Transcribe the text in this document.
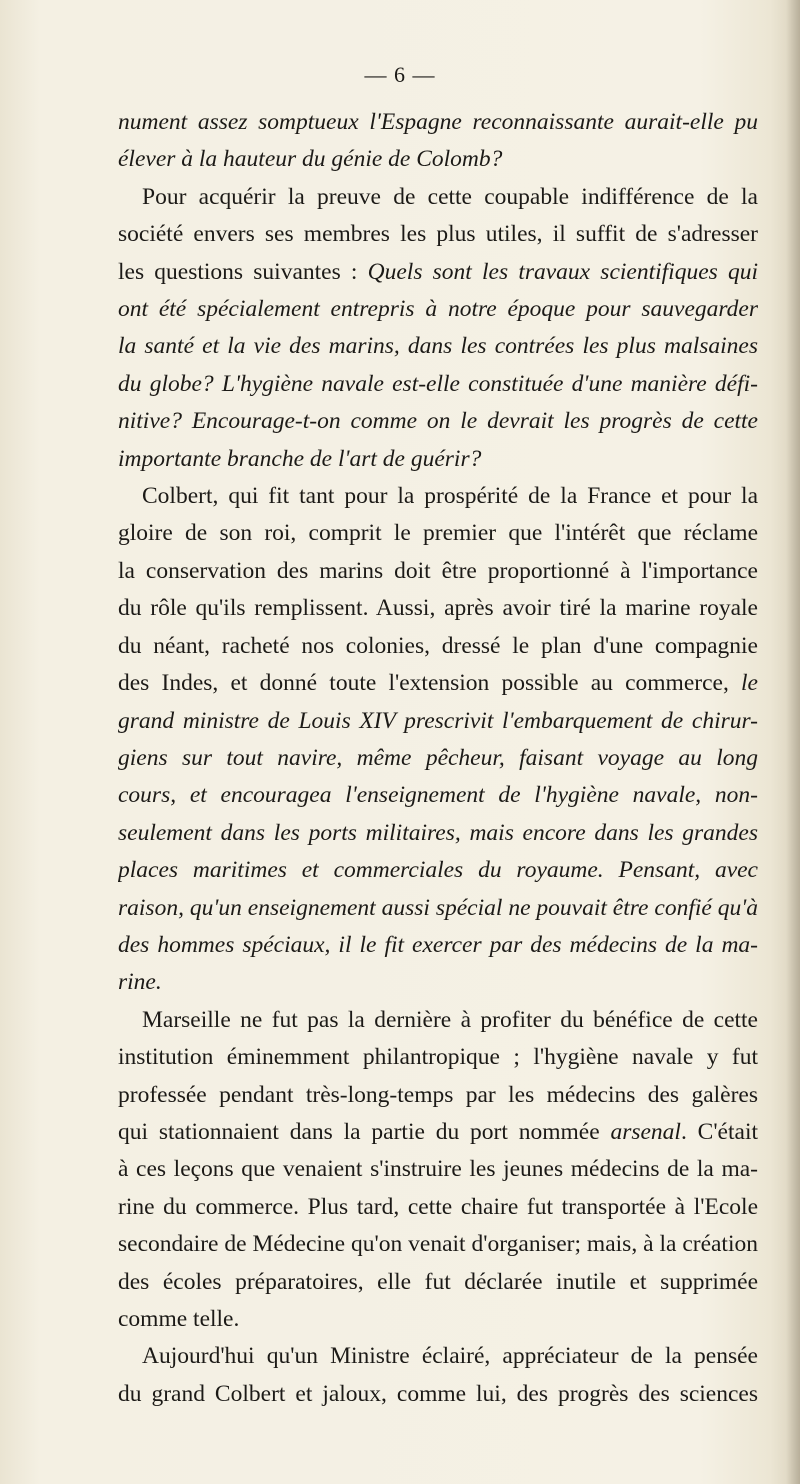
— 6 —
nument assez somptueux l'Espagne reconnaissante aurait-elle pu
élever à la hauteur du génie de Colomb?
Pour acquérir la preuve de cette coupable indifférence de la
société envers ses membres les plus utiles, il suffit de s'adresser
les questions suivantes : Quels sont les travaux scientifiques qui
ont été spécialement entrepris à notre époque pour sauvegarder
la santé et la vie des marins, dans les contrées les plus malsaines
du globe? L'hygiène navale est-elle constituée d'une manière défi-
nitive? Encourage-t-on comme on le devrait les progrès de cette
importante branche de l'art de guérir?
Colbert, qui fit tant pour la prospérité de la France et pour la
gloire de son roi, comprit le premier que l'intérêt que réclame
la conservation des marins doit être proportionné à l'importance
du rôle qu'ils remplissent. Aussi, après avoir tiré la marine royale
du néant, racheté nos colonies, dressé le plan d'une compagnie
des Indes, et donné toute l'extension possible au commerce, le
grand ministre de Louis XIV prescrivit l'embarquement de chirur-
giens sur tout navire, même pêcheur, faisant voyage au long
cours, et encouragea l'enseignement de l'hygiène navale, non-
seulement dans les ports militaires, mais encore dans les grandes
places maritimes et commerciales du royaume. Pensant, avec
raison, qu'un enseignement aussi spécial ne pouvait être confié qu'à
des hommes spéciaux, il le fit exercer par des médecins de la ma-
rine.
Marseille ne fut pas la dernière à profiter du bénéfice de cette
institution éminemment philantropique ; l'hygiène navale y fut
professée pendant très-long-temps par les médecins des galères
qui stationnaient dans la partie du port nommée arsenal. C'était
à ces leçons que venaient s'instruire les jeunes médecins de la ma-
rine du commerce. Plus tard, cette chaire fut transportée à l'Ecole
secondaire de Médecine qu'on venait d'organiser; mais, à la création
des écoles préparatoires, elle fut déclarée inutile et supprimée
comme telle.
Aujourd'hui qu'un Ministre éclairé, appréciateur de la pensée
du grand Colbert et jaloux, comme lui, des progrès des sciences
